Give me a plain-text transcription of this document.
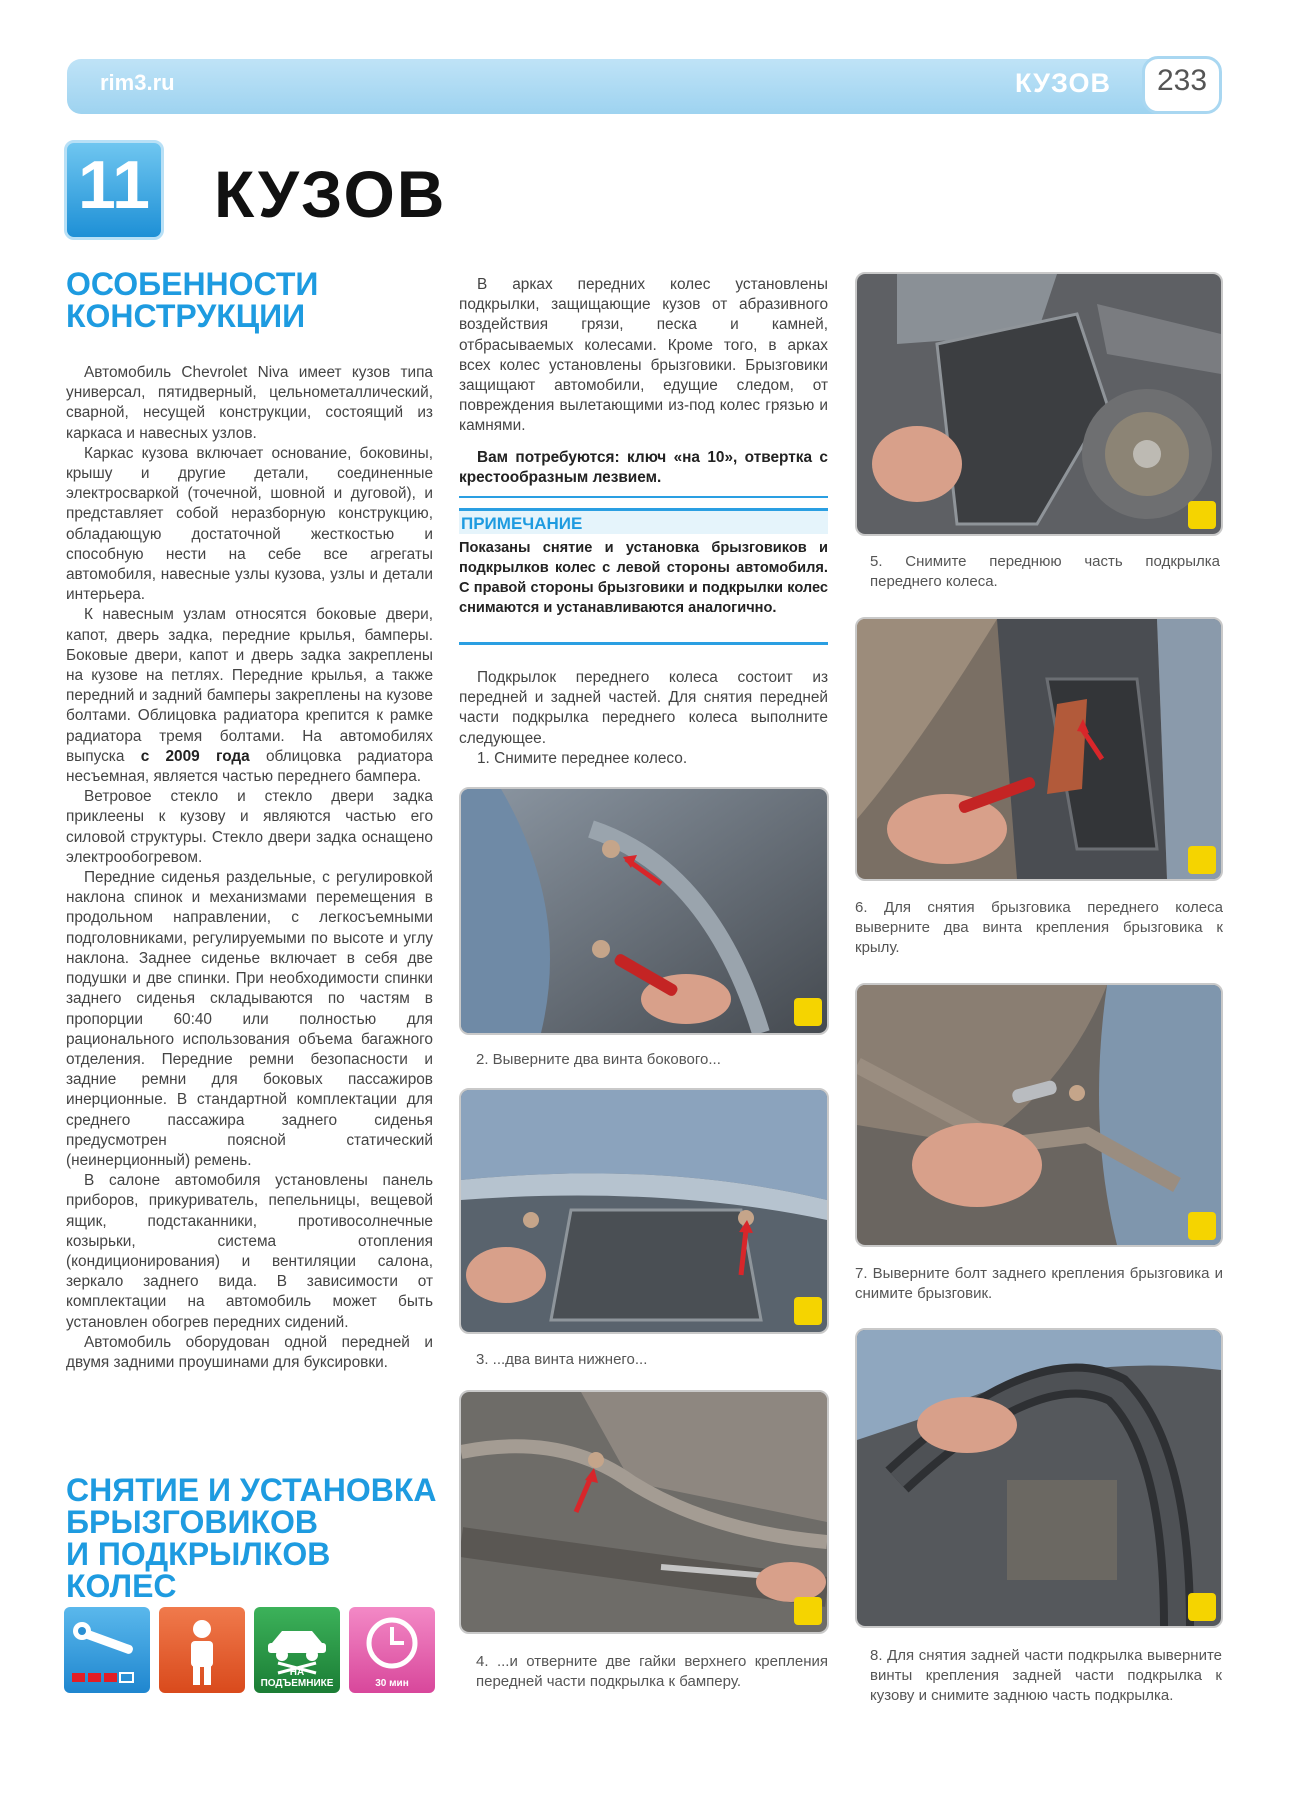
rim3.ru	КУЗОВ	233
11 КУЗОВ
ОСОБЕННОСТИ
КОНСТРУКЦИИ

Автомобиль Chevrolet Niva имеет кузов типа универсал, пятидверный, цельнометаллический, сварной, несущей конструкции, состоящий из каркаса и навесных узлов.

Каркас кузова включает основание, боковины, крышу и другие детали, соединенные электросваркой (точечной, шовной и дуговой), и представляет собой неразборную конструкцию, обладающую достаточной жесткостью и способную нести на себе все агрегаты автомобиля, навесные узлы кузова, узлы и детали интерьера.

К навесным узлам относятся боковые двери, капот, дверь задка, передние крылья, бамперы. Боковые двери, капот и дверь задка закреплены на кузове на петлях. Передние крылья, а также передний и задний бамперы закреплены на кузове болтами. Облицовка радиатора крепится к рамке радиатора тремя болтами. На автомобилях выпуска с 2009 года облицовка радиатора несъемная, является частью переднего бампера.

Ветровое стекло и стекло двери задка приклеены к кузову и являются частью его силовой структуры. Стекло двери задка оснащено электрообогревом.

Передние сиденья раздельные, с регулировкой наклона спинок и механизмами перемещения в продольном направлении, с легкосъемными подголовниками, регулируемыми по высоте и углу наклона. Заднее сиденье включает в себя две подушки и две спинки. При необходимости спинки заднего сиденья складываются по частям в пропорции 60:40 или полностью для рационального использования объема багажного отделения. Передние ремни безопасности и задние ремни для боковых пассажиров инерционные. В стандартной комплектации для среднего пассажира заднего сиденья предусмотрен поясной статический (неинерционный) ремень.

В салоне автомобиля установлены панель приборов, прикуриватель, пепельницы, вещевой ящик, подстаканники, противосолнечные козырьки, система отопления (кондиционирования) и вентиляции салона, зеркало заднего вида. В зависимости от комплектации на автомобиль может быть установлен обогрев передних сидений.

Автомобиль оборудован одной передней и двумя задними проушинами для буксировки.

СНЯТИЕ И УСТАНОВКА
БРЫЗГОВИКОВ
И ПОДКРЫЛКОВ
КОЛЕС
НА ПОДЪЕМНИКЕ	30 мин

В арках передних колес установлены подкрылки, защищающие кузов от абразивного воздействия грязи, песка и камней, отбрасываемых колесами. Кроме того, в арках всех колес установлены брызговики. Брызговики защищают автомобили, едущие следом, от повреждения вылетающими из-под колес грязью и камнями.

Вам потребуются: ключ «на 10», отвертка с крестообразным лезвием.

ПРИМЕЧАНИЕ
Показаны снятие и установка брызговиков и подкрылков колес с левой стороны автомобиля. С правой стороны брызговики и подкрылки колес снимаются и устанавливаются аналогично.

Подкрылок переднего колеса состоит из передней и задней частей. Для снятия передней части подкрылка переднего колеса выполните следующее.

1. Снимите переднее колесо.

2. Выверните два винта бокового...
3. ...два винта нижнего...
4. ...и отверните две гайки верхнего крепления передней части подкрылка к бамперу.
5. Снимите переднюю часть подкрылка переднего колеса.
6. Для снятия брызговика переднего колеса выверните два винта крепления брызговика к крылу.
7. Выверните болт заднего крепления брызговика и снимите брызговик.
8. Для снятия задней части подкрылка выверните винты крепления задней части подкрылка к кузову и снимите заднюю часть подкрылка.
